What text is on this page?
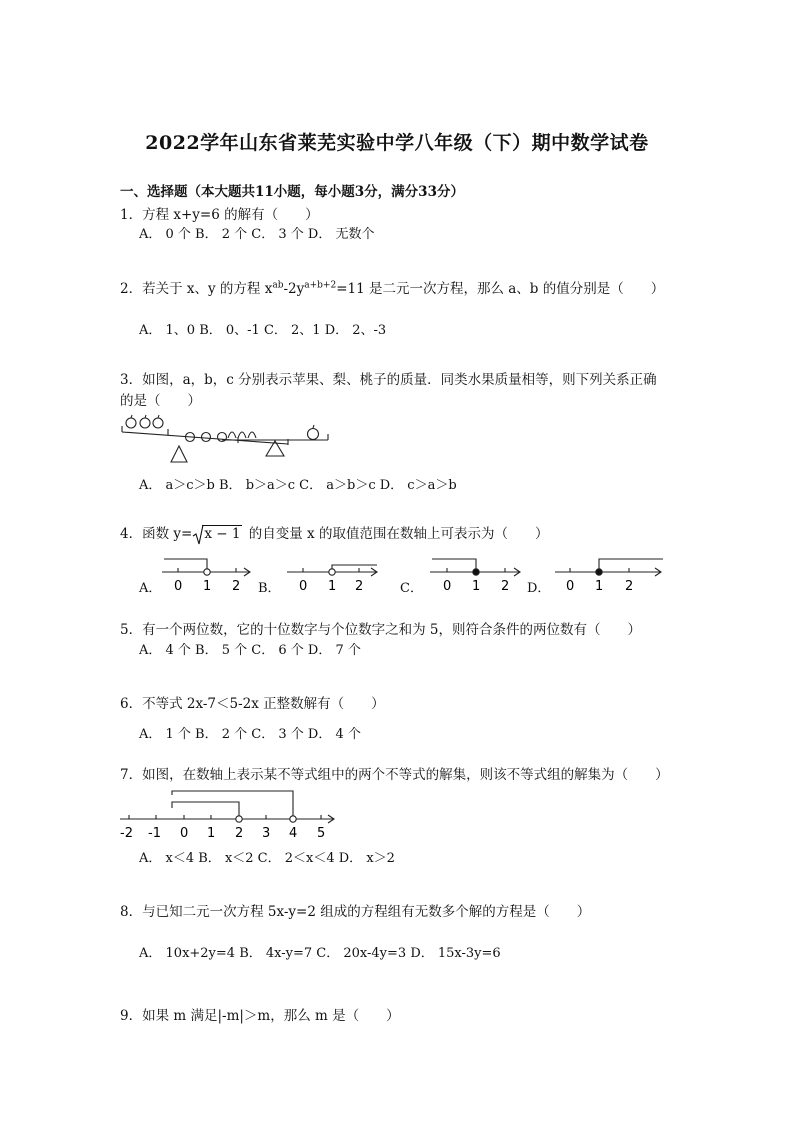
2022学年山东省莱芜实验中学八年级（下）期中数学试卷
一、选择题（本大题共11小题，每小题3分，满分33分）
1．方程 x+y=6 的解有（　　）
A． 0 个 B． 2 个 C． 3 个 D． 无数个
2．若关于 x、y 的方程 $x^{ab}-2y^{a+b+2}=11$ 是二元一次方程，那么 a、b 的值分别是（　　）
A． 1、0 B． 0、-1 C． 2、1 D． 2、-3
3．如图，a，b，c 分别表示苹果、梨、桃子的质量．同类水果质量相等，则下列关系正确
的是（　　）
A． a＞c＞b B． b＞a＞c C． a＞b＞c D． c＞a＞b
4．函数 y= x − 1 的自变量 x 的取值范围在数轴上可表示为（　　）
A．	B．	C．	D．
0 1 2	0 1 2	0 1 2	0 1 2
5．有一个两位数，它的十位数字与个位数字之和为 5，则符合条件的两位数有（　　）
A． 4 个 B． 5 个 C． 6 个 D． 7 个
6．不等式 2x-7＜5-2x 正整数解有（　　）
A． 1 个 B． 2 个 C． 3 个 D． 4 个
7．如图，在数轴上表示某不等式组中的两个不等式的解集，则该不等式组的解集为（　　）
-2 -1 0 1 2 3 4 5
A． x＜4 B． x＜2 C． 2＜x＜4 D． x＞2
8．与已知二元一次方程 5x-y=2 组成的方程组有无数多个解的方程是（　　）
A． 10x+2y=4 B． 4x-y=7 C． 20x-4y=3 D． 15x-3y=6
9．如果 m 满足|-m|＞m，那么 m 是（　　）
